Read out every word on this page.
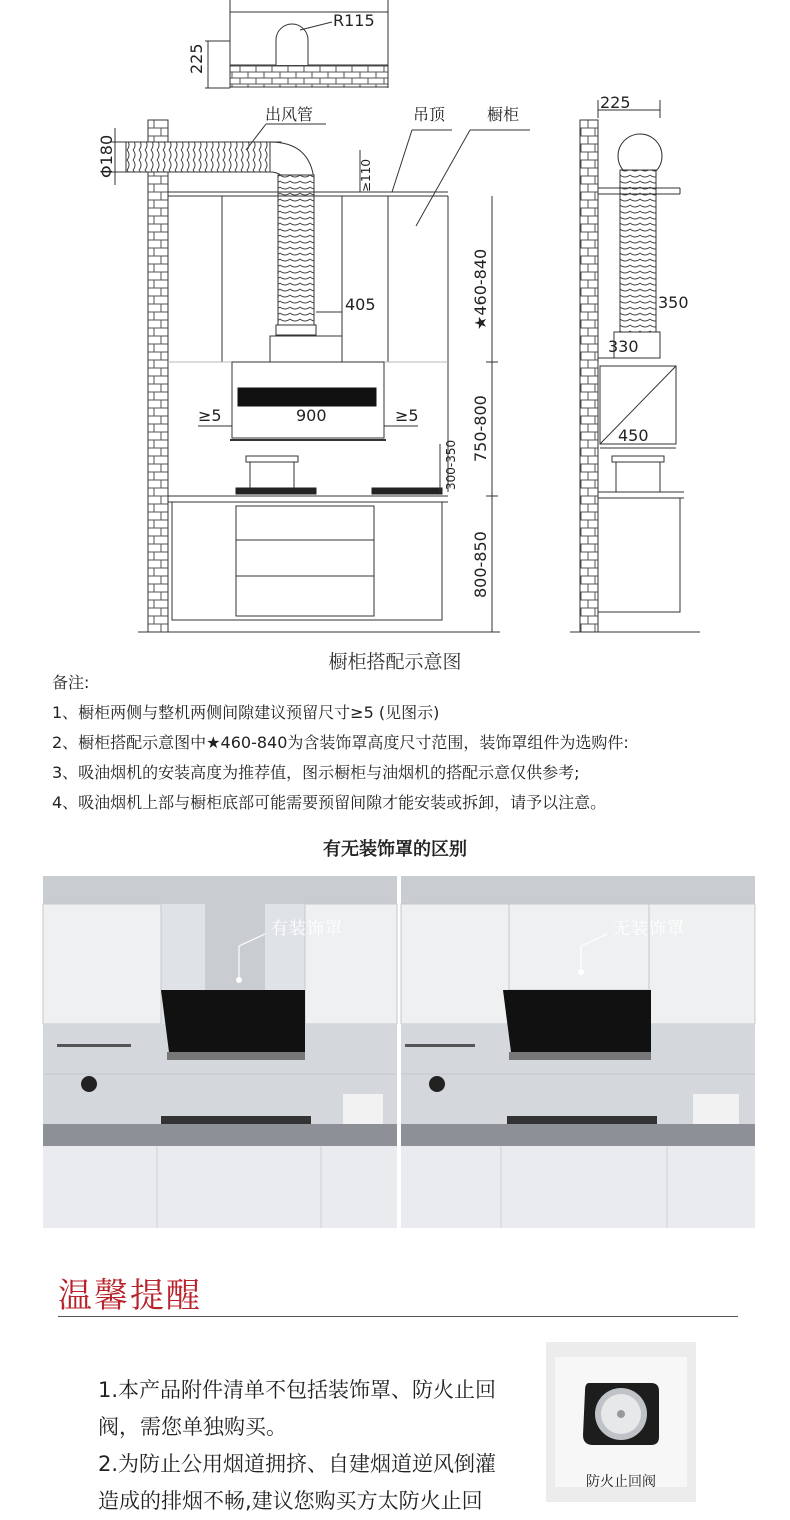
R115
225
出风管	吊顶	橱柜
Φ180	≥110
★460-840
405
≥5	900	≥5	750-800
300-350
800-850
225
350
330
450
橱柜搭配示意图
备注:
1、橱柜两侧与整机两侧间隙建议预留尺寸≥5 (见图示)
2、橱柜搭配示意图中★460-840为含装饰罩高度尺寸范围，装饰罩组件为选购件:
3、吸油烟机的安装高度为推荐值，图示橱柜与油烟机的搭配示意仅供参考;
4、吸油烟机上部与橱柜底部可能需要预留间隙才能安装或拆卸，请予以注意。
有无装饰罩的区别
有装饰罩	无装饰罩
温馨提醒

1.本产品附件清单不包括装饰罩、防火止回

阀，需您单独购买。

2.为防止公用烟道拥挤、自建烟道逆风倒灌

造成的排烟不畅,建议您购买方太防火止回

防火止回阀
